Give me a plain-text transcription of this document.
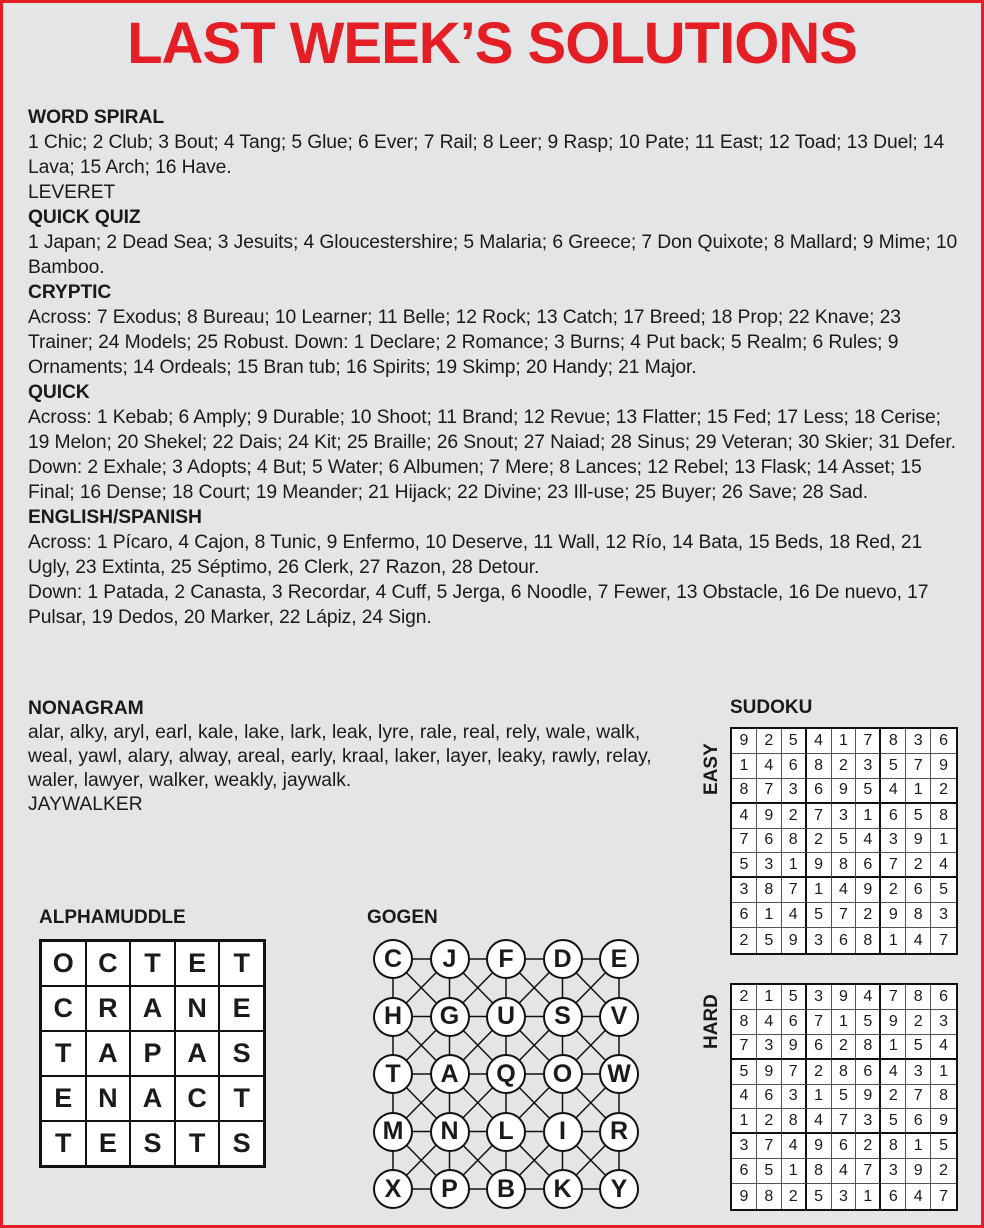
LAST WEEK’S SOLUTIONS
WORD SPIRAL

1 Chic; 2 Club; 3 Bout; 4 Tang; 5 Glue; 6 Ever; 7 Rail; 8 Leer; 9 Rasp; 10 Pate; 11 East; 12 Toad; 13 Duel; 14 Lava; 15 Arch; 16 Have.

LEVERET

QUICK QUIZ

1 Japan; 2 Dead Sea; 3 Jesuits; 4 Gloucestershire; 5 Malaria; 6 Greece; 7 Don Quixote; 8 Mallard; 9 Mime; 10 Bamboo.

CRYPTIC

Across: 7 Exodus; 8 Bureau; 10 Learner; 11 Belle; 12 Rock; 13 Catch; 17 Breed; 18 Prop; 22 Knave; 23 Trainer; 24 Models; 25 Robust. Down: 1 Declare; 2 Romance; 3 Burns; 4 Put back; 5 Realm; 6 Rules; 9 Ornaments; 14 Ordeals; 15 Bran tub; 16 Spirits; 19 Skimp; 20 Handy; 21 Major.

QUICK

Across: 1 Kebab; 6 Amply; 9 Durable; 10 Shoot; 11 Brand; 12 Revue; 13 Flatter; 15 Fed; 17 Less; 18 Cerise; 19 Melon; 20 Shekel; 22 Dais; 24 Kit; 25 Braille; 26 Snout; 27 Naiad; 28 Sinus; 29 Veteran; 30 Skier; 31 Defer. Down: 2 Exhale; 3 Adopts; 4 But; 5 Water; 6 Albumen; 7 Mere; 8 Lances; 12 Rebel; 13 Flask; 14 Asset; 15 Final; 16 Dense; 18 Court; 19 Meander; 21 Hijack; 22 Divine; 23 Ill-use; 25 Buyer; 26 Save; 28 Sad.

ENGLISH/SPANISH

Across: 1 Pícaro, 4 Cajon, 8 Tunic, 9 Enfermo, 10 Deserve, 11 Wall, 12 Río, 14 Bata, 15 Beds, 18 Red, 21 Ugly, 23 Extinta, 25 Séptimo, 26 Clerk, 27 Razon, 28 Detour.

Down: 1 Patada, 2 Canasta, 3 Recordar, 4 Cuff, 5 Jerga, 6 Noodle, 7 Fewer, 13 Obstacle, 16 De nuevo, 17 Pulsar, 19 Dedos, 20 Marker, 22 Lápiz, 24 Sign.

NONAGRAM

alar, alky, aryl, earl, kale, lake, lark, leak, lyre, rale, real, rely, wale, walk, weal, yawl, alary, alway, areal, early, kraal, laker, layer, leaky, rawly, relay, waler, lawyer, walker, weakly, jaywalk.

JAYWALKER

ALPHAMUDDLE
O C T	E	T
C R A N E
T A P A S
E N A C T
T	E S	T	S
GOGEN
C	J	F	D	E
H	G	U	S	V
T	A	Q	O	W
M	N	L	I	R
X	P	B	K	Y
SUDOKU
EASY
9 2 5	4 1 7	8 3	6
1 4 6	8 2 3	5 7	9
8 7 3	6 9 5	4 1	2
4 9 2	7 3 1	6 5	8
7 6 8	2 5 4	3 9	1
5 3 1	9 8 6	7 2	4
3 8 7	1 4 9	2 6	5
6 1 4	5 7 2	9 8	3
2 5 9	3 6 8	1 4	7
HARD	2 1 5	3 9 4	7 8	6
8 4 6	7 1 5	9 2	3
7 3 9	6 2 8	1 5	4
5 9 7	2 8 6	4 3	1
4 6 3	1 5 9	2 7	8
1 2 8	4 7 3	5 6	9
3 7 4	9 6 2	8 1	5
6 5 1	8 4 7	3 9	2
9 8 2	5 3 1	6 4	7
